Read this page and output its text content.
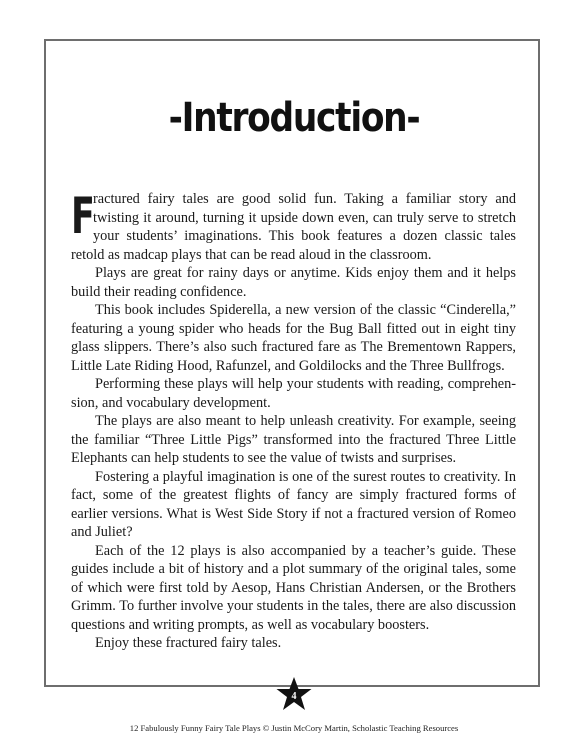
-Introduction-

F
ractured fairy tales are good solid fun. Taking a familiar story and twisting it around, turning it upside down even, can truly serve to stretch your students’ imaginations. This book features a dozen classic tales retold as madcap plays that can be read aloud in the classroom.

Plays are great for rainy days or anytime. Kids enjoy them and it helps build their reading confidence.

This book includes Spiderella, a new version of the classic “Cinderella,” featuring a young spider who heads for the Bug Ball fitted out in eight tiny glass slippers. There’s also such fractured fare as The Brementown Rappers, Little Late Riding Hood, Rafunzel, and Goldilocks and the Three Bullfrogs.

Performing these plays will help your students with reading, comprehen-sion, and vocabulary development.

The plays are also meant to help unleash creativity. For example, seeing the familiar “Three Little Pigs” transformed into the fractured Three Little Elephants can help students to see the value of twists and surprises.

Fostering a playful imagination is one of the surest routes to creativity. In fact, some of the greatest flights of fancy are simply fractured forms of earlier versions. What is West Side Story if not a fractured version of Romeo and Juliet?

Each of the 12 plays is also accompanied by a teacher’s guide. These guides include a bit of history and a plot summary of the original tales, some of which were first told by Aesop, Hans Christian Andersen, or the Brothers Grimm. To further involve your students in the tales, there are also discussion questions and writing prompts, as well as vocabulary boosters.

Enjoy these fractured fairy tales.

4
12 Fabulously Funny Fairy Tale Plays © Justin McCory Martin, Scholastic Teaching Resources
